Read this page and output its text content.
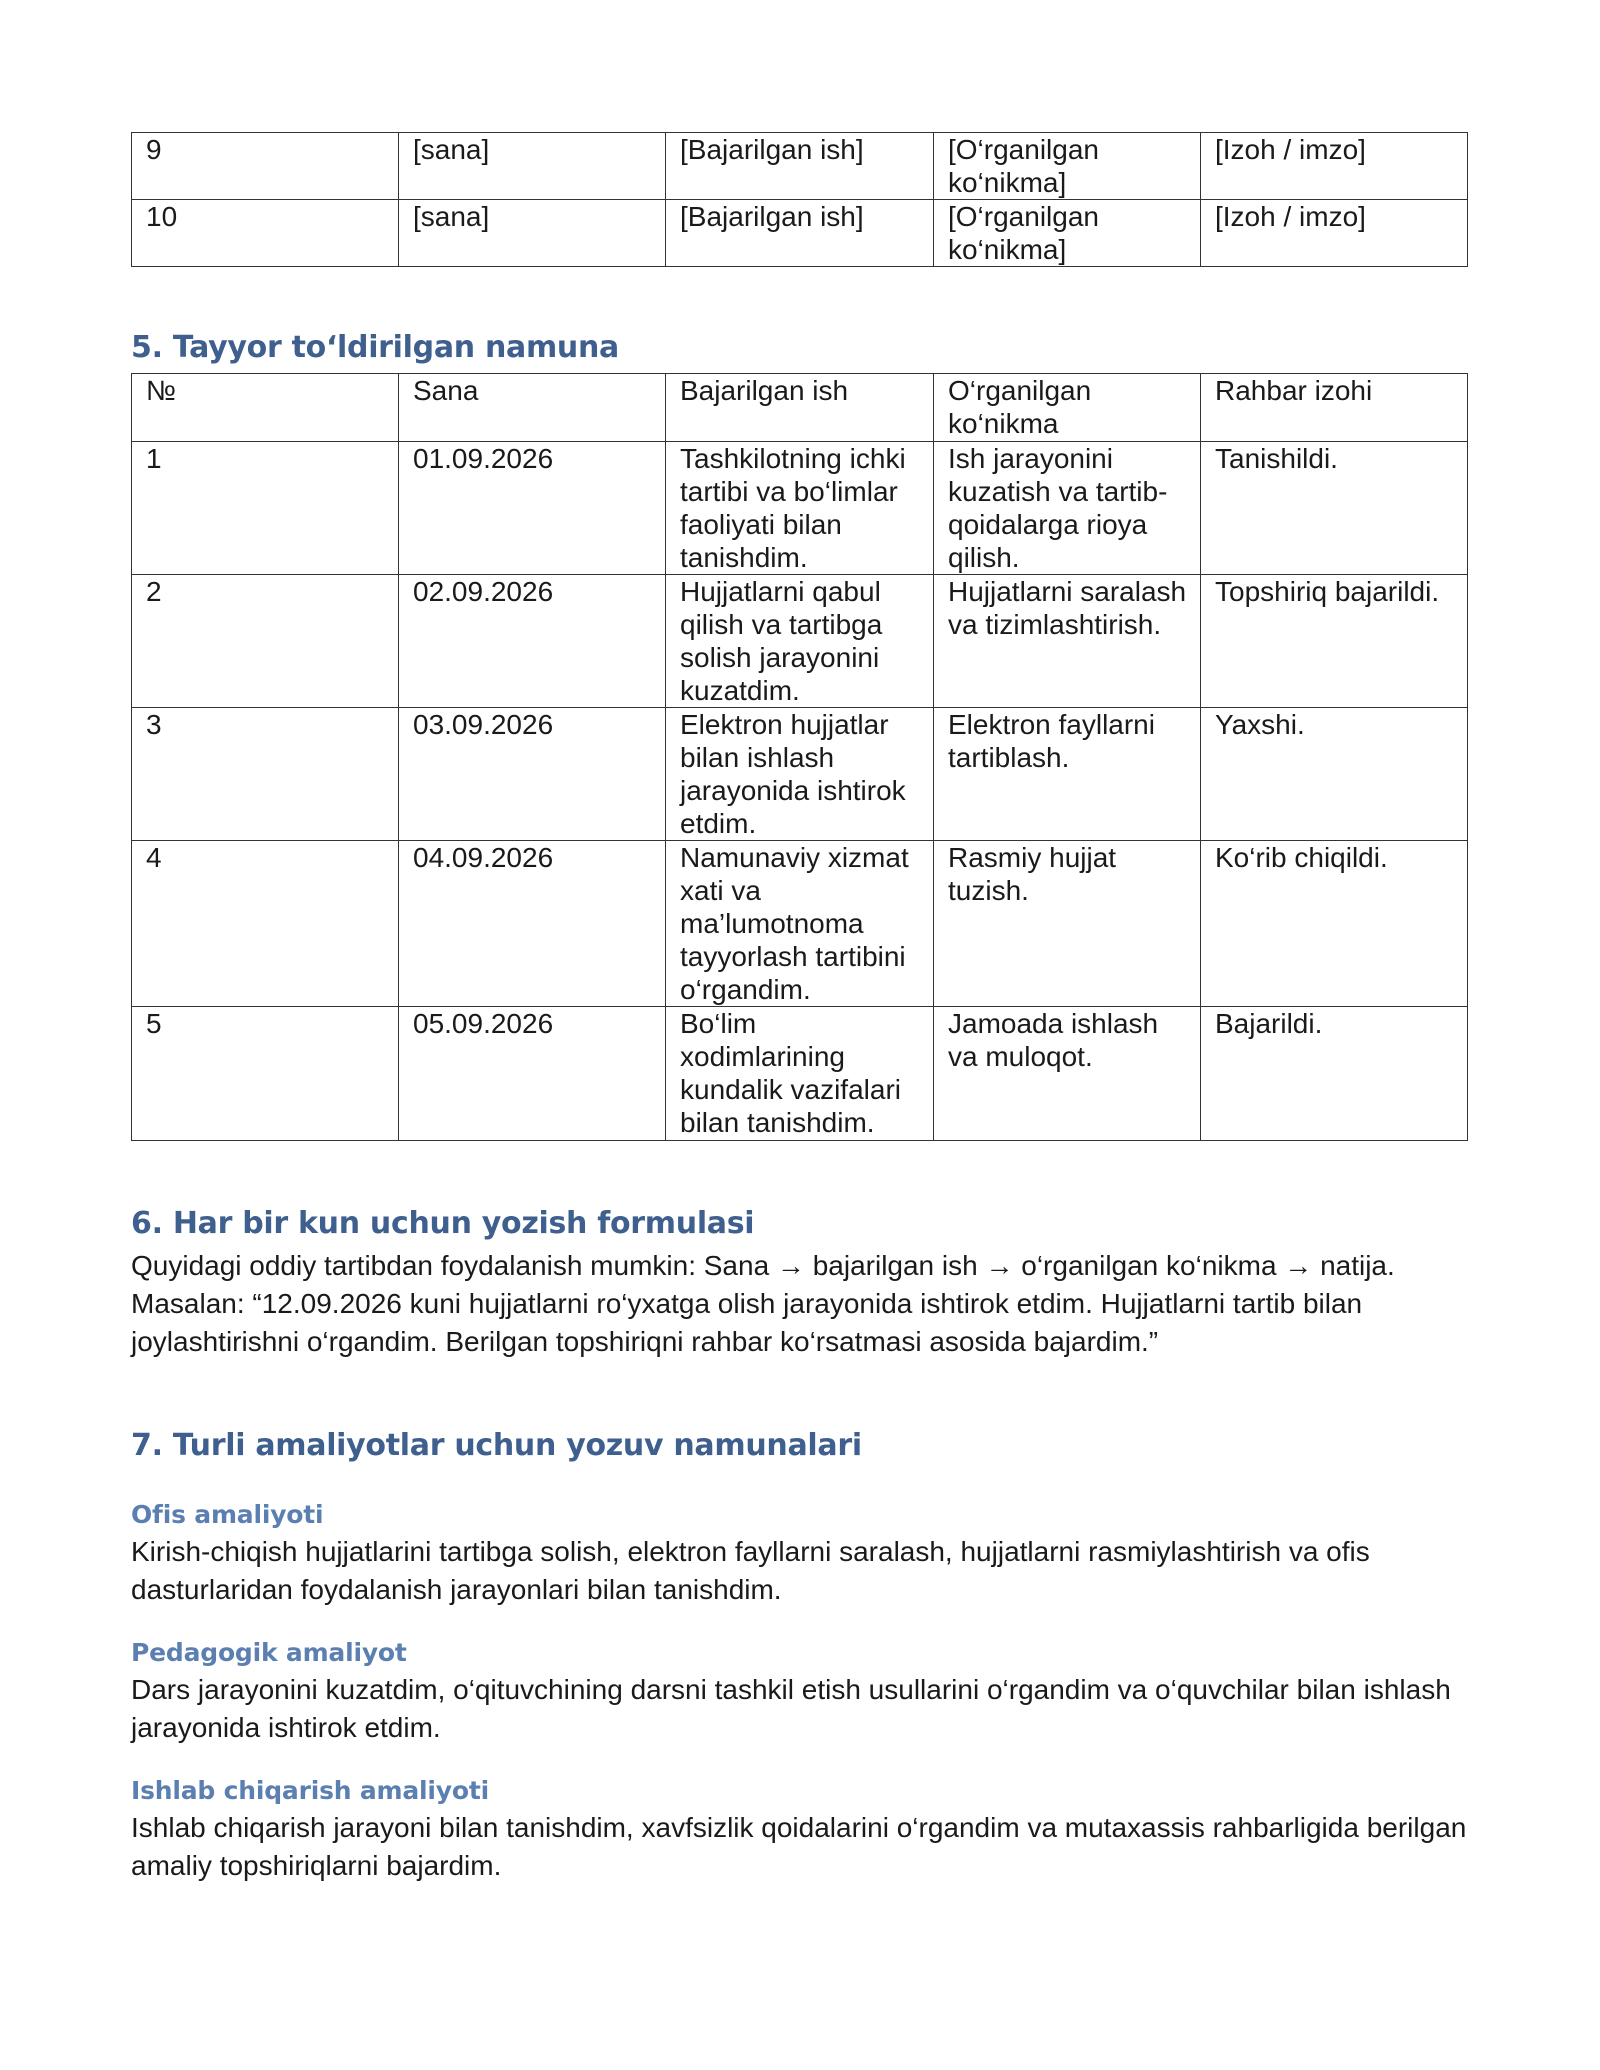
9	[sana]	[Bajarilgan ish]	[O‘rganilgan ko‘nikma]	[Izoh / imzo]
10	[sana]	[Bajarilgan ish]	[O‘rganilgan ko‘nikma]	[Izoh / imzo]
5. Tayyor to‘ldirilgan namuna
№	Sana	Bajarilgan ish	O‘rganilgan ko‘nikma	Rahbar izohi
1	01.09.2026	Tashkilotning ichki tartibi va bo‘limlar faoliyati bilan tanishdim.	Ish jarayonini kuzatish va tartib-qoidalarga rioya qilish.	Tanishildi.
2	02.09.2026	Hujjatlarni qabul qilish va tartibga solish jarayonini kuzatdim.	Hujjatlarni saralash va tizimlashtirish.	Topshiriq bajarildi.
3	03.09.2026	Elektron hujjatlar bilan ishlash jarayonida ishtirok etdim.	Elektron fayllarni tartiblash.	Yaxshi.
4	04.09.2026	Namunaviy xizmat xati va ma’lumotnoma tayyorlash tartibini o‘rgandim.	Rasmiy hujjat tuzish.	Ko‘rib chiqildi.
5	05.09.2026	Bo‘lim xodimlarining kundalik vazifalari bilan tanishdim.	Jamoada ishlash va muloqot.	Bajarildi.
6. Har bir kun uchun yozish formulasi

Quyidagi oddiy tartibdan foydalanish mumkin: Sana → bajarilgan ish → o‘rganilgan ko‘nikma → natija. Masalan: “12.09.2026 kuni hujjatlarni ro‘yxatga olish jarayonida ishtirok etdim. Hujjatlarni tartib bilan joylashtirishni o‘rgandim. Berilgan topshiriqni rahbar ko‘rsatmasi asosida bajardim.”

7. Turli amaliyotlar uchun yozuv namunalari
Ofis amaliyoti

Kirish-chiqish hujjatlarini tartibga solish, elektron fayllarni saralash, hujjatlarni rasmiylashtirish va ofis dasturlaridan foydalanish jarayonlari bilan tanishdim.

Pedagogik amaliyot

Dars jarayonini kuzatdim, o‘qituvchining darsni tashkil etish usullarini o‘rgandim va o‘quvchilar bilan ishlash jarayonida ishtirok etdim.

Ishlab chiqarish amaliyoti

Ishlab chiqarish jarayoni bilan tanishdim, xavfsizlik qoidalarini o‘rgandim va mutaxassis rahbarligida berilgan amaliy topshiriqlarni bajardim.
